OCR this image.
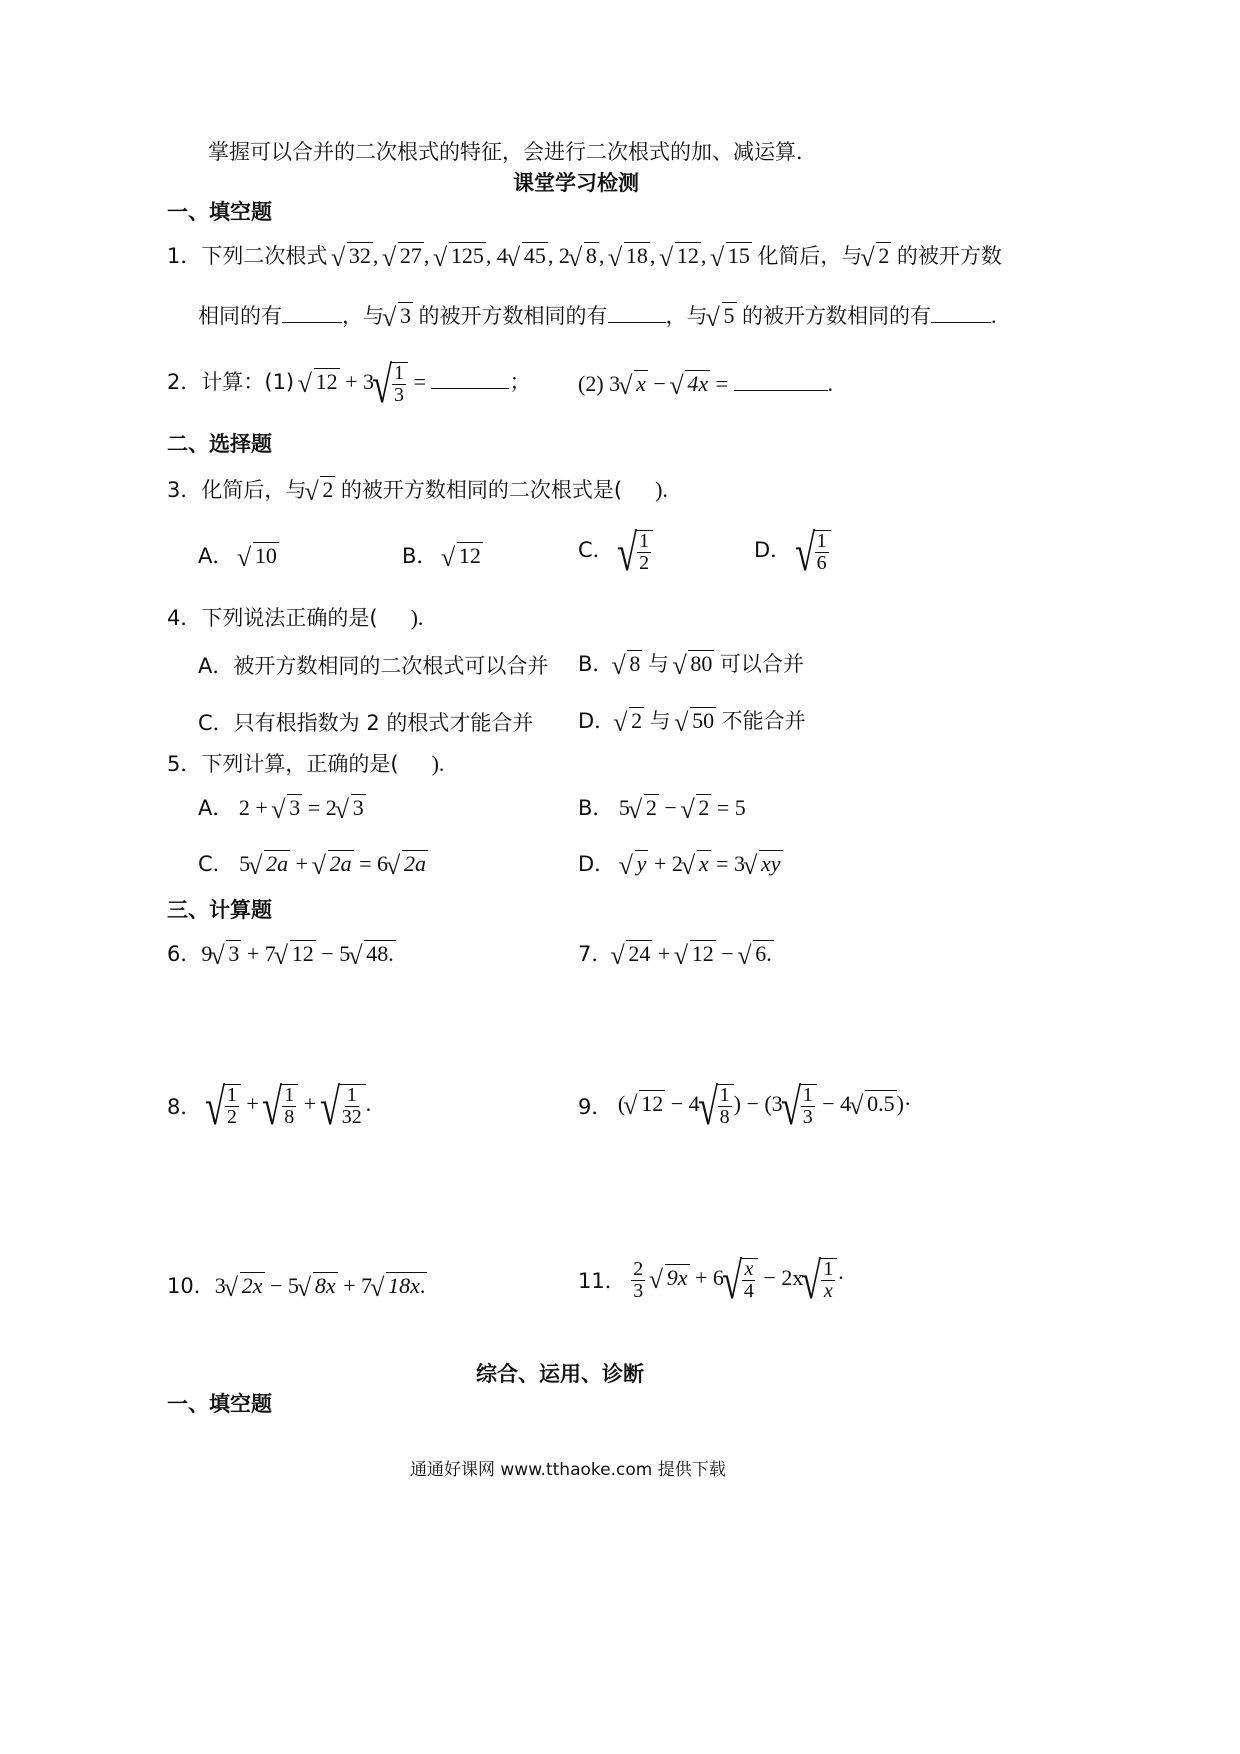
掌握可以合并的二次根式的特征，会进行二次根式的加、减运算．
课堂学习检测
一、填空题
1．下列二次根式 √ 32, √ 27, √ 125, 4√ 45, 2√ 8, √ 18, √ 12, √ 15 化简后，与√ 2 的被开方数
相同的有	，与√ 3 的被开方数相同的有	，与√ 5 的被开方数相同的有	.
2．计算：(1) √ 12 + 3
√ $\frac{1}{3}$ =	； (2) 3√ x − √ 4x =	.
二、选择题
3．化简后，与√ 2 的被开方数相同的二次根式是(   ).
A． √ 10	B． √ 12	C．
√ $\frac{1}{2}$	D．
√ $\frac{1}{6}$
4．下列说法正确的是(   ).
A．被开方数相同的二次根式可以合并 B．√ 8 与 √ 80 可以合并
C．只有根指数为 2 的根式才能合并 D．√ 2 与 √ 50 不能合并
5．下列计算，正确的是(   ).
A． 2 + √ 3 = 2√ 3	B． 5√ 2 − √ 2 = 5
C． 5√ 2a + √ 2a = 6√ 2a	D． √ y + 2√ x = 3√ xy
三、计算题
6．9√ 3 + 7√ 12 − 5√ 48.	7．√ 24 + √ 12 − √ 6.
8．
√ $\frac{1}{2}$ +
√ $\frac{1}{8}$ +
√ $\frac{1}{32}$ .	9． (√ 12 − 4
√ $\frac{1}{8}$ ) − (3
√ $\frac{1}{3} - 4√$ 0.5)·
10．3√ 2x − 5√ 8x + 7√ 18x.	11． $\frac{2}{3}$
√ 9x + 6
√ $\frac{x}{4} - 2x$
√ $\frac{1}{x}$ ·
综合、运用、诊断
一、填空题
通通好课网 www.tthaoke.com 提供下载
